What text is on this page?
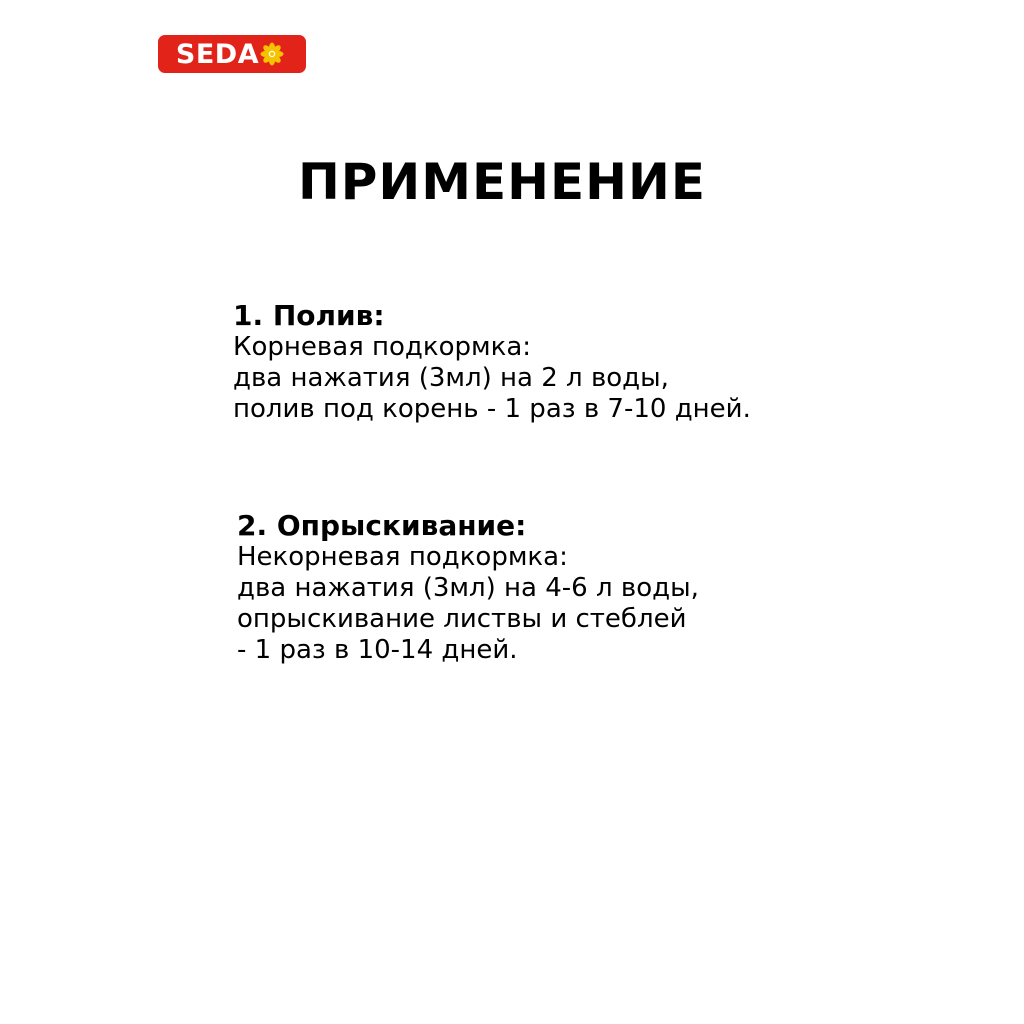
SEDA
ПРИМЕНЕНИЕ

1. Полив:

Корневая подкормка:

два нажатия (3мл) на 2 л воды,

полив под корень - 1 раз в 7-10 дней.

2. Опрыскивание:

Некорневая подкормка:

два нажатия (3мл) на 4-6 л воды,

опрыскивание листвы и стеблей

- 1 раз в 10-14 дней.
